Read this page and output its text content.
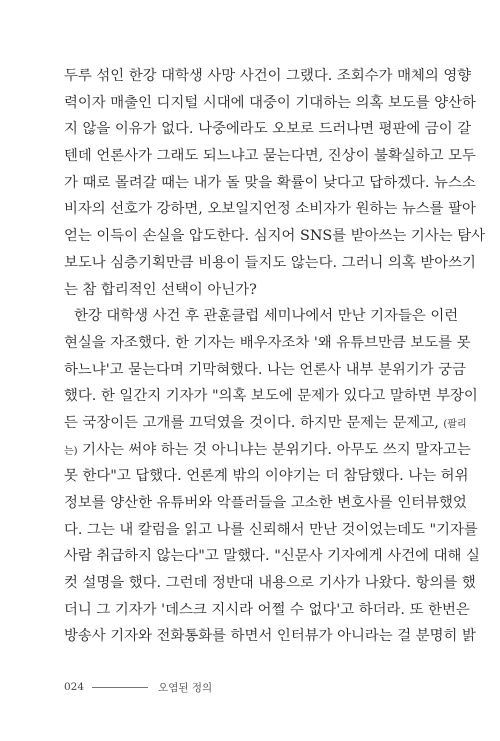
두루 섞인 한강 대학생 사망 사건이 그랬다. 조회수가 매체의 영향
력이자 매출인 디지털 시대에 대중이 기대하는 의혹 보도를 양산하
지 않을 이유가 없다. 나중에라도 오보로 드러나면 평판에 금이 갈
텐데 언론사가 그래도 되느냐고 묻는다면, 진상이 불확실하고 모두
가 때로 몰려갈 때는 내가 돌 맞을 확률이 낮다고 답하겠다. 뉴스소
비자의 선호가 강하면, 오보일지언정 소비자가 원하는 뉴스를 팔아
얻는 이득이 손실을 압도한다. 심지어 SNS를 받아쓰는 기사는 탐사
보도나 심층기획만큼 비용이 들지도 않는다. 그러니 의혹 받아쓰기
는 참 합리적인 선택이 아닌가?
한강 대학생 사건 후 관훈클럽 세미나에서 만난 기자들은 이런
현실을 자조했다. 한 기자는 배우자조차 '왜 유튜브만큼 보도를 못
하느냐'고 묻는다며 기막혀했다. 나는 언론사 내부 분위기가 궁금
했다. 한 일간지 기자가 "의혹 보도에 문제가 있다고 말하면 부장이
든 국장이든 고개를 끄덕였을 것이다. 하지만 문제는 문제고, (팔리
는) 기사는 써야 하는 것 아니냐는 분위기다. 아무도 쓰지 말자고는
못 한다"고 답했다. 언론계 밖의 이야기는 더 참담했다. 나는 허위
정보를 양산한 유튜버와 악플러들을 고소한 변호사를 인터뷰했었
다. 그는 내 칼럼을 읽고 나를 신뢰해서 만난 것이었는데도 "기자를
사람 취급하지 않는다"고 말했다. "신문사 기자에게 사건에 대해 실
컷 설명을 했다. 그런데 정반대 내용으로 기사가 나왔다. 항의를 했
더니 그 기자가 '데스크 지시라 어쩔 수 없다'고 하더라. 또 한번은
방송사 기자와 전화통화를 하면서 인터뷰가 아니라는 걸 분명히 밝
024	오염된 정의
